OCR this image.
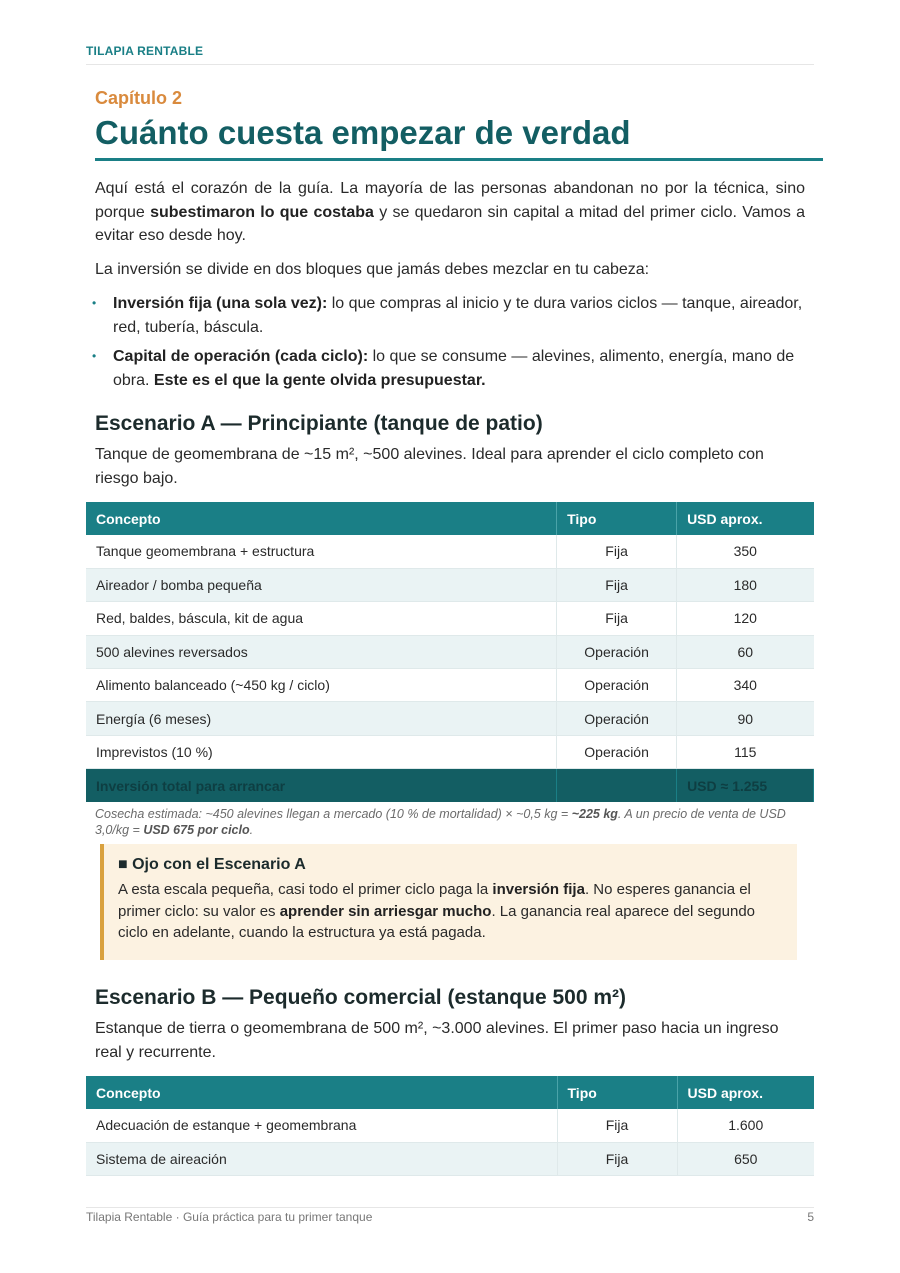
TILAPIA RENTABLE
Capítulo 2
Cuánto cuesta empezar de verdad
Aquí está el corazón de la guía. La mayoría de las personas abandonan no por la técnica, sino porque subestimaron lo que costaba y se quedaron sin capital a mitad del primer ciclo. Vamos a evitar eso desde hoy.
La inversión se divide en dos bloques que jamás debes mezclar en tu cabeza:
• Inversión fija (una sola vez): lo que compras al inicio y te dura varios ciclos — tanque, aireador, red, tubería, báscula.
• Capital de operación (cada ciclo): lo que se consume — alevines, alimento, energía, mano de obra. Este es el que la gente olvida presupuestar.
Escenario A — Principiante (tanque de patio)
Tanque de geomembrana de ~15 m², ~500 alevines. Ideal para aprender el ciclo completo con riesgo bajo.
Concepto	Tipo	USD aprox.
Tanque geomembrana + estructura	Fija	350
Aireador / bomba pequeña	Fija	180
Red, baldes, báscula, kit de agua	Fija	120
500 alevines reversados	Operación	60
Alimento balanceado (~450 kg / ciclo)	Operación	340
Energía (6 meses)	Operación	90
Imprevistos (10 %)	Operación	115
Inversión total para arrancar		USD ≈ 1.255
Cosecha estimada: ~450 alevines llegan a mercado (10 % de mortalidad) × ~0,5 kg = ~225 kg. A un precio de venta de USD 3,0/kg = USD 675 por ciclo.
■ Ojo con el Escenario A
A esta escala pequeña, casi todo el primer ciclo paga la inversión fija. No esperes ganancia el primer ciclo: su valor es aprender sin arriesgar mucho. La ganancia real aparece del segundo ciclo en adelante, cuando la estructura ya está pagada.
Escenario B — Pequeño comercial (estanque 500 m²)
Estanque de tierra o geomembrana de 500 m², ~3.000 alevines. El primer paso hacia un ingreso real y recurrente.
Concepto	Tipo	USD aprox.
Adecuación de estanque + geomembrana	Fija	1.600
Sistema de aireación	Fija	650
Tilapia Rentable · Guía práctica para tu primer tanque	5
